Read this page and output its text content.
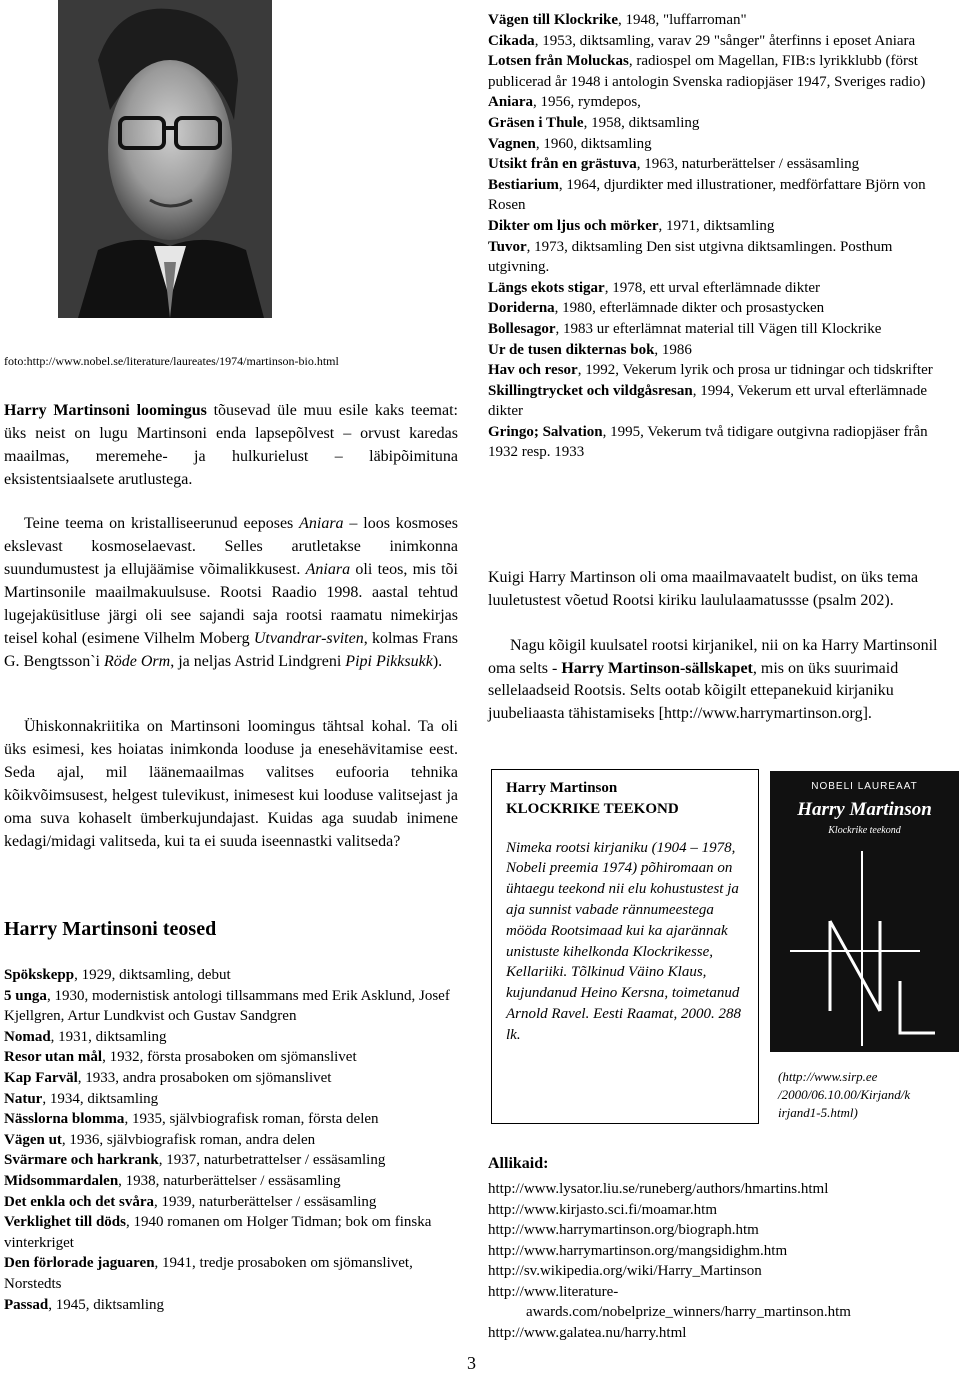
foto:http://www.nobel.se/literature/laureates/1974/martinson-bio.html
Harry Martinsoni loomingus tõusevad üle muu esile kaks teemat: üks neist on lugu Martinsoni enda lapsepõlvest – orvust karedas maailmas, meremehe- ja hulkurielust – läbipõimituna eksistentsiaalsete arutlustega.
Teine teema on kristalliseerunud eeposes Aniara – loos kosmoses ekslevast kosmoselaevast. Selles arutletakse inimkonna suundumustest ja ellujäämise võimalikkusest. Aniara oli teos, mis tõi Martinsonile maailmakuulsuse. Rootsi Raadio 1998. aastal tehtud lugejaküsitluse järgi oli see sajandi saja rootsi raamatu nimekirjas teisel kohal (esimene Vilhelm Moberg Utvandrar-sviten, kolmas Frans G. Bengtsson`i Röde Orm, ja neljas Astrid Lindgreni Pipi Pikksukk).
Ühiskonnakriitika on Martinsoni loomingus tähtsal kohal. Ta oli üks esimesi, kes hoiatas inimkonda looduse ja enesehävitamise eest. Seda ajal, mil läänemaailmas valitses eufooria tehnika kõikvõimsusest, helgest tulevikust, inimesest kui looduse valitsejast ja oma suva kohaselt ümberkujundajast. Kuidas aga suudab inimene kedagi/midagi valitseda, kui ta ei suuda iseennastki valitseda?
Harry Martinsoni teosed
Spökskepp, 1929, diktsamling, debut
5 unga, 1930, modernistisk antologi tillsammans med Erik Asklund, Josef Kjellgren, Artur Lundkvist och Gustav Sandgren
Nomad, 1931, diktsamling
Resor utan mål, 1932, första prosaboken om sjömanslivet
Kap Farväl, 1933, andra prosaboken om sjömanslivet
Natur, 1934, diktsamling
Nässlorna blomma, 1935, självbiografisk roman, första delen
Vägen ut, 1936, självbiografisk roman, andra delen
Svärmare och harkrank, 1937, naturbetrattelser / essäsamling
Midsommardalen, 1938, naturberättelser / essäsamling
Det enkla och det svåra, 1939, naturberättelser / essäsamling
Verklighet till döds, 1940 romanen om Holger Tidman; bok om finska vinterkriget
Den förlorade jaguaren, 1941, tredje prosaboken om sjömanslivet, Norstedts
Passad, 1945, diktsamling
Vägen till Klockrike, 1948, "luffarroman"
Cikada, 1953, diktsamling, varav 29 "sånger" återfinns i eposet Aniara
Lotsen från Moluckas, radiospel om Magellan, FIB:s lyrikklubb (först publicerad år 1948 i antologin Svenska radiopjäser 1947, Sveriges radio)
Aniara, 1956, rymdepos,
Gräsen i Thule, 1958, diktsamling
Vagnen, 1960, diktsamling
Utsikt från en grästuva, 1963, naturberättelser / essäsamling
Bestiarium, 1964, djurdikter med illustrationer, medförfattare Björn von Rosen
Dikter om ljus och mörker, 1971, diktsamling
Tuvor, 1973, diktsamling Den sist utgivna diktsamlingen. Posthum utgivning.
Längs ekots stigar, 1978, ett urval efterlämnade dikter
Doriderna, 1980, efterlämnade dikter och prosastycken
Bollesagor, 1983 ur efterlämnat material till Vägen till Klockrike
Ur de tusen dikternas bok, 1986
Hav och resor, 1992, Vekerum lyrik och prosa ur tidningar och tidskrifter
Skillingtrycket och vildgåsresan, 1994, Vekerum ett urval efterlämnade dikter
Gringo; Salvation, 1995, Vekerum två tidigare outgivna radiopjäser från 1932 resp. 1933
Kuigi Harry Martinson oli oma maailmavaatelt budist, on üks tema luuletustest võetud Rootsi kiriku laululaamatussse (psalm 202).
Nagu kõigil kuulsatel rootsi kirjanikel, nii on ka Harry Martinsonil oma selts - Harry Martinson-sällskapet, mis on üks suurimaid sellelaadseid Rootsis. Selts ootab kõigilt ettepanekuid kirjaniku juubeliaasta tähistamiseks [http://www.harrymartinson.org].
Harry Martinson
KLOCKRIKE TEEKOND
Nimeka rootsi kirjaniku (1904 – 1978, Nobeli preemia 1974) põhiromaan on ühtaegu teekond nii elu kohustustest ja aja sunnist vabade rännumeestega mööda Rootsimaad kui ka ajarännak unistuste kihelkonda Klockrikesse, Kellariiki. Tõlkinud Väino Klaus, kujundanud Heino Kersna, toimetanud Arnold Ravel. Eesti Raamat, 2000. 288 lk.
NOBELI LAUREAAT
Harry Martinson
Klockrike teekond
(http://www.sirp.ee /2000/06.10.00/Kirjand/k irjand1-5.html)
Allikaid:
http://www.lysator.liu.se/runeberg/authors/hmartins.html
http://www.kirjasto.sci.fi/moamar.htm
http://www.harrymartinson.org/biograph.htm
http://www.harrymartinson.org/mangsidighm.htm
http://sv.wikipedia.org/wiki/Harry_Martinson
http://www.literature-
awards.com/nobelprize_winners/harry_martinson.htm
http://www.galatea.nu/harry.html
3
